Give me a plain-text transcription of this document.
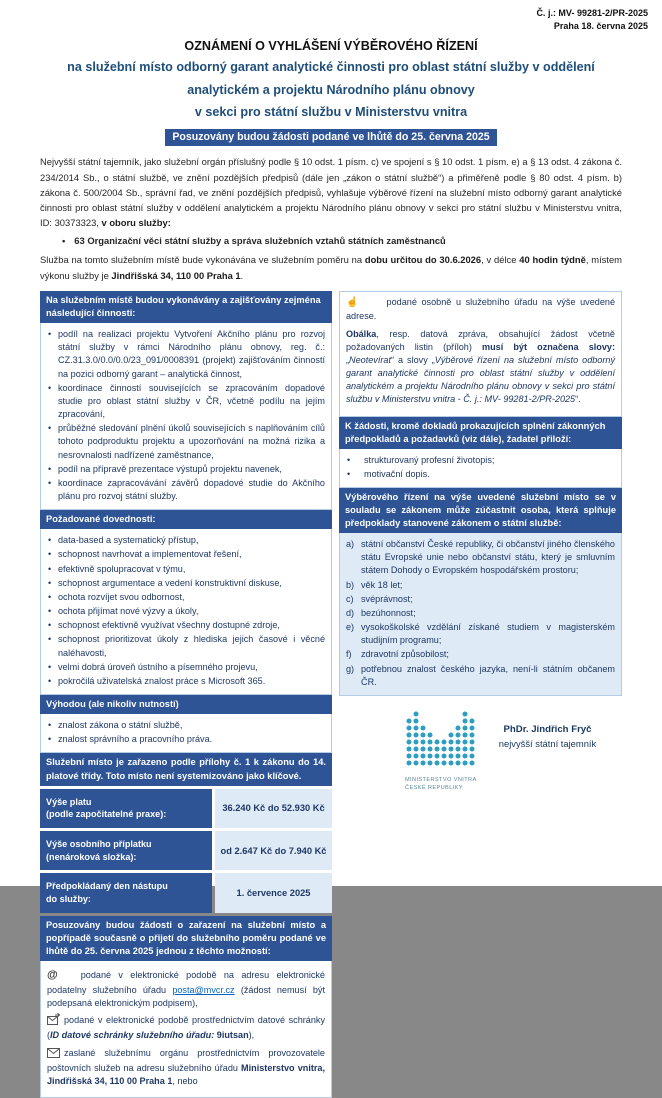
Č. j.: MV- 99281-2/PR-2025
Praha 18. června 2025

OZNÁMENÍ O VYHLÁŠENÍ VÝBĚROVÉHO ŘÍZENÍ

na služební místo odborný garant analytické činnosti pro oblast státní služby v oddělení analytickém a projektu Národního plánu obnovy

v sekci pro státní službu v Ministerstvu vnitra

Posuzovány budou žádosti podané ve lhůtě do 25. června 2025

Nejvyšší státní tajemník, jako služební orgán příslušný podle § 10 odst. 1 písm. c) ve spojení s § 10 odst. 1 písm. e) a § 13 odst. 4 zákona č. 234/2014 Sb., o státní službě, ve znění pozdějších předpisů (dále jen „zákon o státní službě“) a přiměřeně podle § 80 odst. 4 písm. b) zákona č. 500/2004 Sb., správní řad, ve znění pozdějších předpisů, vyhlašuje výběrové řízení na služební místo odborný garant analytické činnosti pro oblast státní služby v oddělení analytickém a projektu Národního plánu obnovy v sekci pro státní službu v Ministerstvu vnitra, ID: 30373323, v oboru služby:

• 63 Organizační věci státní služby a správa služebních vztahů státních zaměstnanců

Služba na tomto služebním místě bude vykonávána ve služebním poměru na dobu určitou do 30.6.2026, v délce 40 hodin týdně, místem výkonu služby je Jindřišská 34, 110 00 Praha 1.

Na služebním místě budou vykonávány a zajišťovány zejména následující činnosti:
• podíl na realizaci projektu Vytvoření Akčního plánu pro rozvoj státní služby v rámci Národního plánu obnovy, reg. č.: CZ.31.3.0/0.0/0.0/23_091/0008391 (projekt) zajišťováním činností na pozici odborný garant – analytická činnost,
• koordinace činností souvisejících se zpracováním dopadové studie pro oblast státní služby v ČR, včetně podílu na jejím zpracování,
• průběžné sledování plnění úkolů souvisejících s naplňováním cílů tohoto podproduktu projektu a upozorňování na možná rizika a nesrovnalosti nadřízené zaměstnance,
• podíl na přípravě prezentace výstupů projektu navenek,
• koordinace zapracovávání závěrů dopadové studie do Akčního plánu pro rozvoj státní služby.
Požadované dovednosti:
• data-based a systematický přístup,
• schopnost navrhovat a implementovat řešení,
• efektivně spolupracovat v týmu,
• schopnost argumentace a vedení konstruktivní diskuse,
• ochota rozvíjet svou odbornost,
• ochota přijímat nové výzvy a úkoly,
• schopnost efektivně využívat všechny dostupné zdroje,
• schopnost prioritizovat úkoly z hlediska jejich časové i věcné naléhavosti,
• velmi dobrá úroveň ústního a písemného projevu,
• pokročilá uživatelská znalost práce s Microsoft 365.
Výhodou (ale nikoliv nutností)
• znalost zákona o státní službě,
• znalost správního a pracovního práva.
Služební místo je zařazeno podle přílohy č. 1 k zákonu do 14. platové třídy. Toto místo není systemizováno jako klíčové.
Výše platu
(podle započitatelné praxe):
36.240 Kč do 52.930 Kč
Výše osobního příplatku
(nenároková složka):
od 2.647 Kč do 7.940 Kč
Předpokládaný den nástupu
do služby:
1. července 2025
Posuzovány budou žádosti o zařazení na služební místo a popřípadě současně o přijetí do služebního poměru podané ve lhůtě do 25. června 2025 jednou z těchto možností:

@	podané v elektronické podobě na adresu elektronické podatelny služebního úřadu posta@mvcr.cz (žádost nemusí být podepsaná elektronickým podpisem),

podané v elektronické podobě prostřednictvím datové schránky (ID datové schránky služebního úřadu: 9iutsan),

zaslané služebnímu orgánu prostřednictvím provozovatele poštovních služeb na adresu služebního úřadu Ministerstvo vnitra, Jindřišská 34, 110 00 Praha 1, nebo

☝	podané osobně u služebního úřadu na výše uvedené adrese.

Obálka, resp. datová zpráva, obsahující žádost včetně požadovaných listin (příloh) musí být označena slovy: „Neotevírat“ a slovy „Výběrové řízení na služební místo odborný garant analytické činnosti pro oblast státní služby v oddělení analytickém a projektu Národního plánu obnovy v sekci pro státní službu v Ministerstvu vnitra - Č. j.: MV- 99281-2/PR-2025“.

K žádosti, kromě dokladů prokazujících splnění zákonných předpokladů a požadavků (viz dále), žadatel přiloží:
• strukturovaný profesní životopis;
• motivační dopis.
Výběrového řízení na výše uvedené služební místo se v souladu se zákonem může zúčastnit osoba, která splňuje předpoklady stanovené zákonem o státní službě:
a) státní občanství České republiky, či občanství jiného členského státu Evropské unie nebo občanství státu, který je smluvním státem Dohody o Evropském hospodářském prostoru;
b) věk 18 let;
c) svéprávnost;
d) bezúhonnost;
e) vysokoškolské vzdělání získané studiem v magisterském studijním programu;
f)	zdravotní způsobilost;
g) potřebnou znalost českého jazyka, není-li státním občanem ČR.
MINISTERSTVO VNITRA
ČESKÉ REPUBLIKY
PhDr. Jindřich Fryč
nejvyšší státní tajemník
